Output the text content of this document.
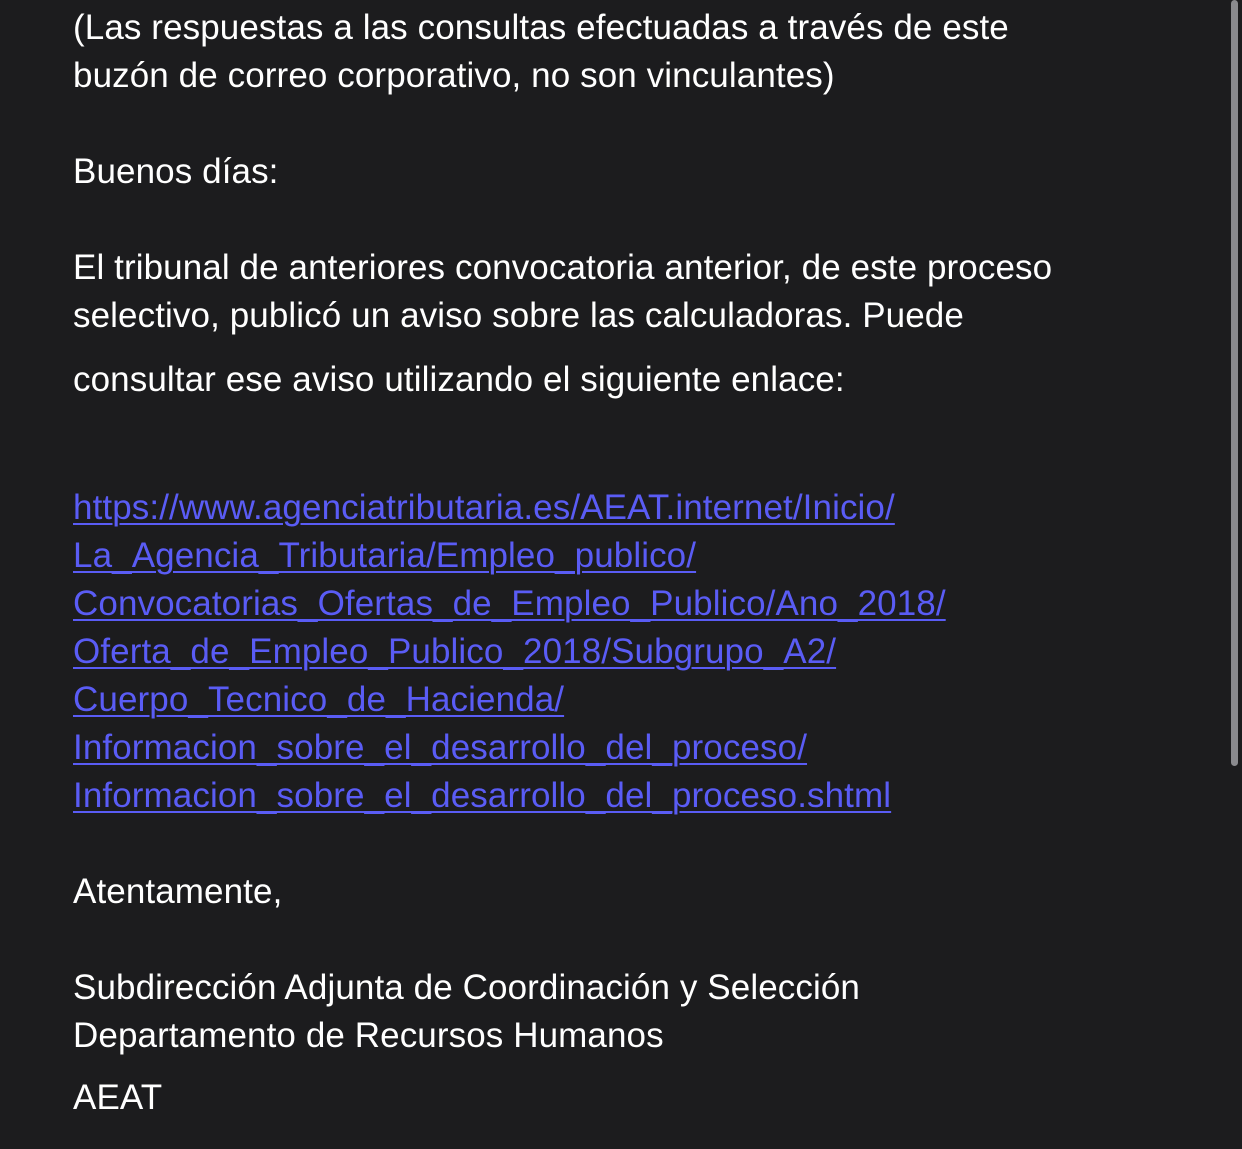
(Las respuestas a las consultas efectuadas a través de este
buzón de correo corporativo, no son vinculantes)
Buenos días:
El tribunal de anteriores convocatoria anterior, de este proceso
selectivo, publicó un aviso sobre las calculadoras. Puede
consultar ese aviso utilizando el siguiente enlace:
https://www.agenciatributaria.es/AEAT.internet/Inicio/
La_Agencia_Tributaria/Empleo_publico/
Convocatorias_Ofertas_de_Empleo_Publico/Ano_2018/
Oferta_de_Empleo_Publico_2018/Subgrupo_A2/
Cuerpo_Tecnico_de_Hacienda/
Informacion_sobre_el_desarrollo_del_proceso/
Informacion_sobre_el_desarrollo_del_proceso.shtml
Atentamente,
Subdirección Adjunta de Coordinación y Selección
Departamento de Recursos Humanos
AEAT
